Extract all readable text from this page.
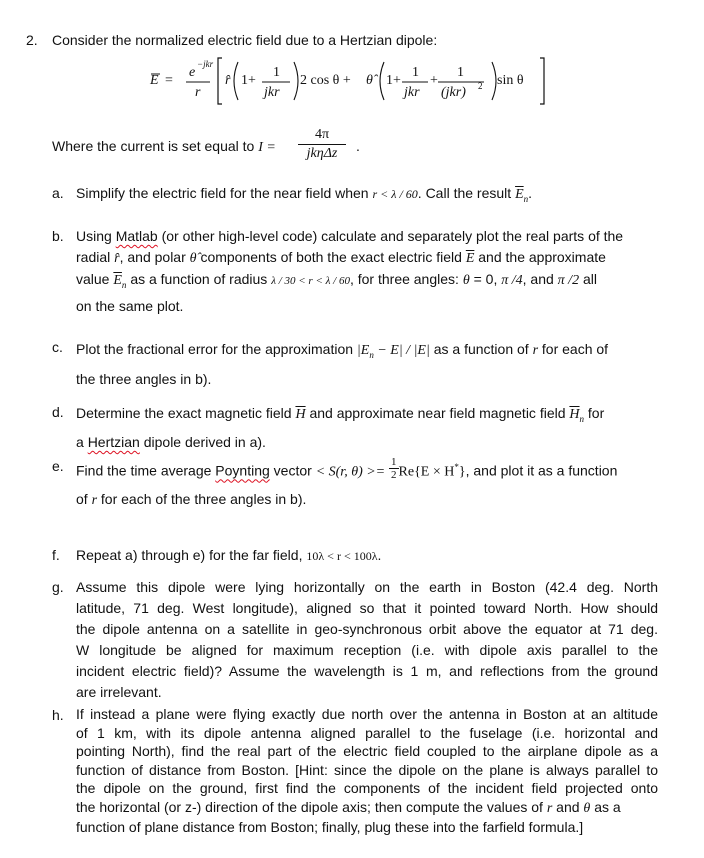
2. Consider the normalized electric field due to a Hertzian dipole:
E =
e
−jkr
r
r̂ 1+
1
jkr
2 cos θ + θ̂ 1+
1
jkr
+
1
(jkr) 2 sin θ
Where the current is set equal to I =
4π
jkηΔz	.
a. Simplify the electric field for the near field when r < λ / 60. Call the result $\overline{E}_n$.
b. Using Matlab (or other high-level code) calculate and separately plot the real parts of the
radial r̂, and polar θ̂ components of both the exact electric field $\overline{E}$ and the approximate
value $\overline{E}_n$ as a function of radius λ / 30 < r < λ / 60, for three angles: θ = 0, π /4, and π /2 all
on the same plot.
c. Plot the fractional error for the approximation $|E_n - E| / |E|$ as a function of r for each of
the three angles in b).
d. Determine the exact magnetic field $\overline{H}$ and approximate near field magnetic field $\overline{H}_n$ for
a Hertzian dipole derived in a).
e. Find the time average Poynting vector < S(r, $\theta) >= \frac{1}{2} Re\{E \times H^*\}$, and plot it as a function
of r for each of the three angles in b).
f. Repeat a) through e) for the far field, 10λ < r < 100λ.
g. Assume this dipole were lying horizontally on the earth in Boston (42.4 deg. North
latitude, 71 deg. West longitude), aligned so that it pointed toward North. How should
the dipole antenna on a satellite in geo-synchronous orbit above the equator at 71 deg.
W longitude be aligned for maximum reception (i.e. with dipole axis parallel to the
incident electric field)? Assume the wavelength is 1 m, and reflections from the ground
are irrelevant.
h. If instead a plane were flying exactly due north over the antenna in Boston at an altitude
of 1 km, with its dipole antenna aligned parallel to the fuselage (i.e. horizontal and
pointing North), find the real part of the electric field coupled to the airplane dipole as a
function of distance from Boston. [Hint: since the dipole on the plane is always parallel to
the dipole on the ground, first find the components of the incident field projected onto
the horizontal (or z-) direction of the dipole axis; then compute the values of r and θ as a
function of plane distance from Boston; finally, plug these into the farfield formula.]
